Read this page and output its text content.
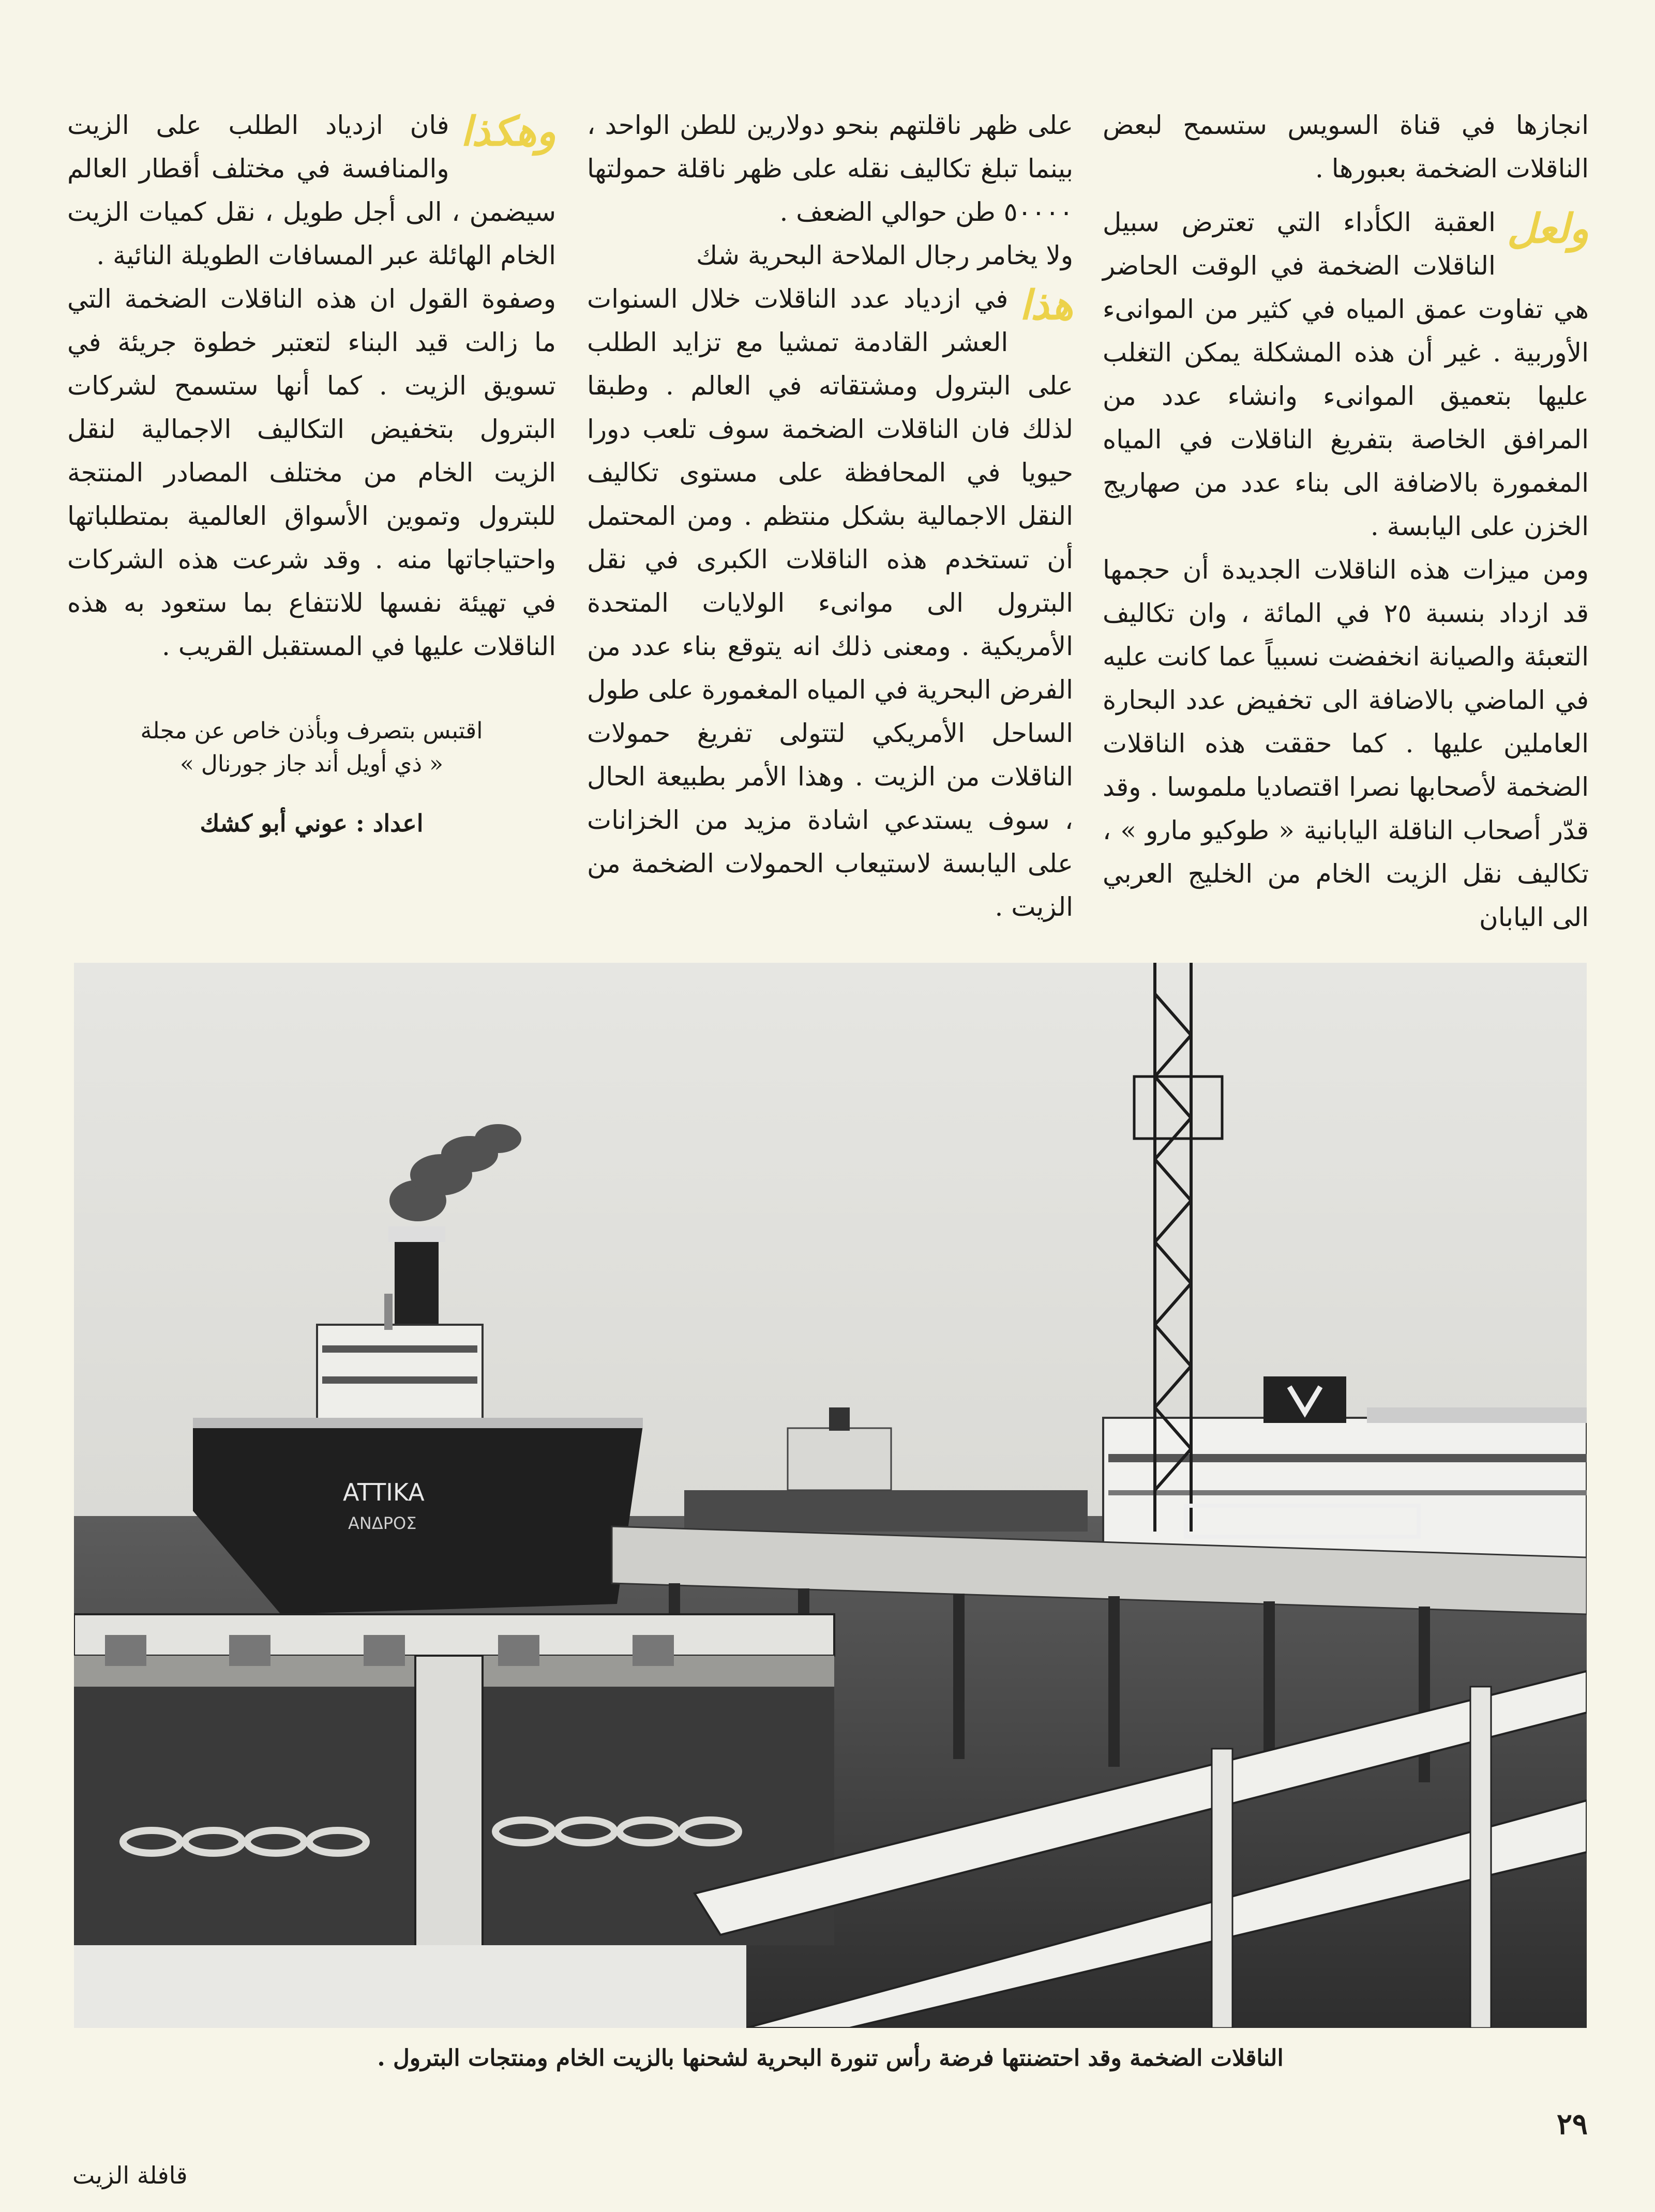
انجازها في قناة السويس ستسمح لبعض الناقلات الضخمة بعبورها .

ولعل
العقبة الكأداء التي تعترض سبيل الناقلات الضخمة في الوقت الحاضر هي تفاوت عمق المياه في كثير من الموانىء الأوربية . غير أن هذه المشكلة يمكن التغلب عليها بتعميق الموانىء وانشاء عدد من المرافق الخاصة بتفريغ الناقلات في المياه المغمورة بالاضافة الى بناء عدد من صهاريج الخزن على اليابسة .

ومن ميزات هذه الناقلات الجديدة أن حجمها قد ازداد بنسبة ٢٥ في المائة ، وان تكاليف التعبئة والصيانة انخفضت نسبياً عما كانت عليه في الماضي بالاضافة الى تخفيض عدد البحارة العاملين عليها . كما حققت هذه الناقلات الضخمة لأصحابها نصرا اقتصاديا ملموسا . وقد قدّر أصحاب الناقلة اليابانية « طوكيو مارو » ، تكاليف نقل الزيت الخام من الخليج العربي الى اليابان

على ظهر ناقلتهم بنحو دولارين للطن الواحد ، بينما تبلغ تكاليف نقله على ظهر ناقلة حمولتها ٥٠٠٠٠ طن حوالي الضعف .

ولا يخامر رجال الملاحة البحرية شك

هذا
في ازدياد عدد الناقلات خلال السنوات العشر القادمة تمشيا مع تزايد الطلب على البترول ومشتقاته في العالم . وطبقا لذلك فان الناقلات الضخمة سوف تلعب دورا حيويا في المحافظة على مستوى تكاليف النقل الاجمالية بشكل منتظم . ومن المحتمل أن تستخدم هذه الناقلات الكبرى في نقل البترول الى موانىء الولايات المتحدة الأمريكية . ومعنى ذلك انه يتوقع بناء عدد من الفرض البحرية في المياه المغمورة على طول الساحل الأمريكي لتتولى تفريغ حمولات الناقلات من الزيت . وهذا الأمر بطبيعة الحال ، سوف يستدعي اشادة مزيد من الخزانات على اليابسة لاستيعاب الحمولات الضخمة من الزيت .

وهكذا
فان ازدياد الطلب على الزيت والمنافسة في مختلف أقطار العالم سيضمن ، الى أجل طويل ، نقل كميات الزيت الخام الهائلة عبر المسافات الطويلة النائية .

وصفوة القول ان هذه الناقلات الضخمة التي ما زالت قيد البناء لتعتبر خطوة جريئة في تسويق الزيت . كما أنها ستسمح لشركات البترول بتخفيض التكاليف الاجمالية لنقل الزيت الخام من مختلف المصادر المنتجة للبترول وتموين الأسواق العالمية بمتطلباتها واحتياجاتها منه . وقد شرعت هذه الشركات في تهيئة نفسها للانتفاع بما ستعود به هذه الناقلات عليها في المستقبل القريب .

اقتبس بتصرف وبأذن خاص عن مجلة
« ذي أويل أند جاز جورنال »
اعداد : عوني أبو كشك
ATTIKA
ΑΝΔΡΟΣ
الناقلات الضخمة وقد احتضنتها فرضة رأس تنورة البحرية لشحنها بالزيت الخام ومنتجات البترول .
٢٩
قافلة الزيت
